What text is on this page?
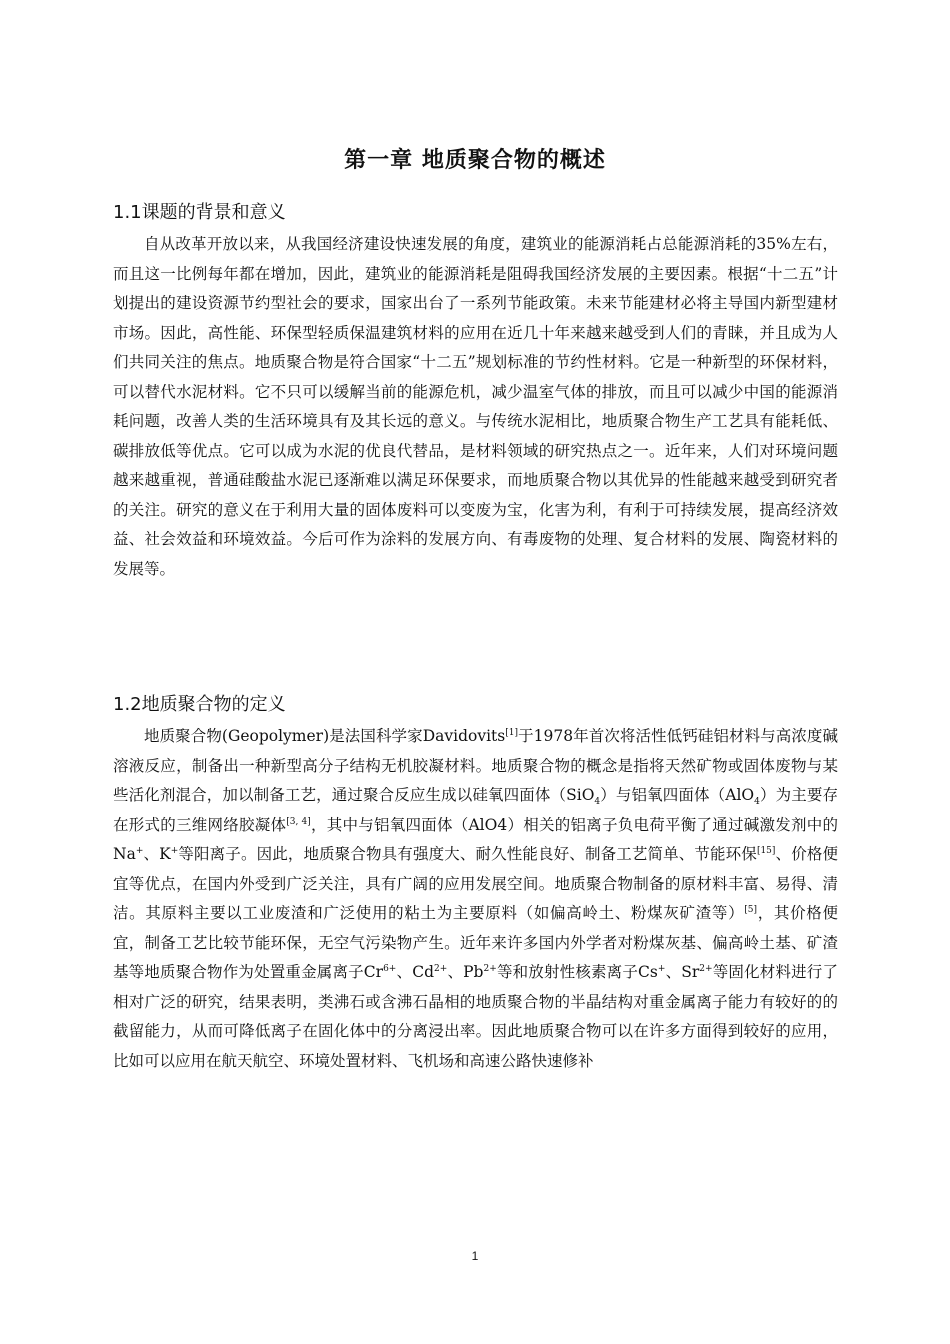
第一章 地质聚合物的概述
1.1课题的背景和意义

自从改革开放以来，从我国经济建设快速发展的角度，建筑业的能源消耗占总能源消耗的35%左右，而且这一比例每年都在增加，因此，建筑业的能源消耗是阻碍我国经济发展的主要因素。根据“十二五”计划提出的建设资源节约型社会的要求，国家出台了一系列节能政策。未来节能建材必将主导国内新型建材市场。因此，高性能、环保型轻质保温建筑材料的应用在近几十年来越来越受到人们的青睐，并且成为人们共同关注的焦点。地质聚合物是符合国家“十二五”规划标准的节约性材料。它是一种新型的环保材料，可以替代水泥材料。它不只可以缓解当前的能源危机，减少温室气体的排放，而且可以减少中国的能源消耗问题，改善人类的生活环境具有及其长远的意义。与传统水泥相比，地质聚合物生产工艺具有能耗低、碳排放低等优点。它可以成为水泥的优良代替品，是材料领域的研究热点之一。近年来，人们对环境问题越来越重视，普通硅酸盐水泥已逐渐难以满足环保要求，而地质聚合物以其优异的性能越来越受到研究者的关注。研究的意义在于利用大量的固体废料可以变废为宝，化害为利，有利于可持续发展，提高经济效益、社会效益和环境效益。今后可作为涂料的发展方向、有毒废物的处理、复合材料的发展、陶瓷材料的发展等。

1.2地质聚合物的定义

地质聚合物(Geopolymer)是法国科学家Davidovits[1]于1978年首次将活性低钙硅铝材料与高浓度碱溶液反应，制备出一种新型高分子结构无机胶凝材料。地质聚合物的概念是指将天然矿物或固体废物与某些活化剂混合，加以制备工艺，通过聚合反应生成以硅氧四面体（SiO$_4$）与铝氧四面体（AlO$_4$）为主要存在形式的三维网络胶凝体[3, 4]，其中与铝氧四面体（AlO4）相关的铝离子负电荷平衡了通过碱激发剂中的Na+、K+等阳离子。因此，地质聚合物具有强度大、耐久性能良好、制备工艺简单、节能环保[15]、价格便宜等优点，在国内外受到广泛关注，具有广阔的应用发展空间。地质聚合物制备的原材料丰富、易得、清洁。其原料主要以工业废渣和广泛使用的粘土为主要原料（如偏高岭土、粉煤灰矿渣等）[5]，其价格便宜，制备工艺比较节能环保，无空气污染物产生。近年来许多国内外学者对粉煤灰基、偏高岭土基、矿渣基等地质聚合物作为处置重金属离子$Cr^{6+}$、$Cd^{2+}$、$Pb^{2+}$等和放射性核素离子Cs+、$Sr^{2+}$等固化材料进行了相对广泛的研究，结果表明，类沸石或含沸石晶相的地质聚合物的半晶结构对重金属离子能力有较好的的截留能力，从而可降低离子在固化体中的分离浸出率。因此地质聚合物可以在许多方面得到较好的应用，比如可以应用在航天航空、环境处置材料、飞机场和高速公路快速修补

1
